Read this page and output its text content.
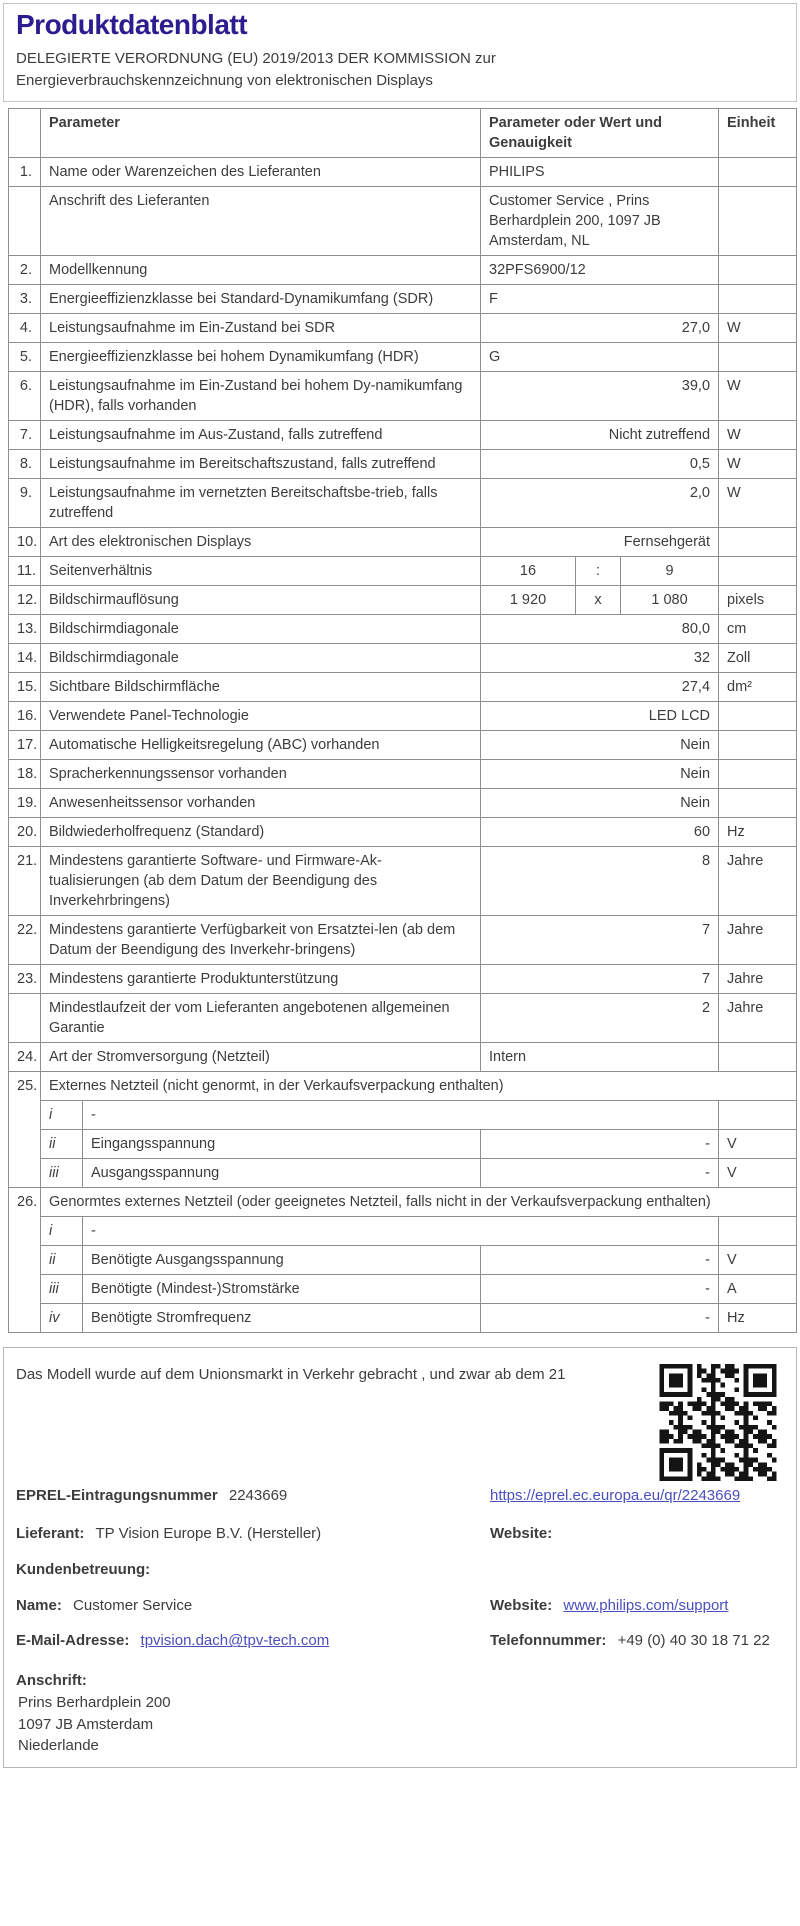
Produktdatenblatt
DELEGIERTE VERORDNUNG (EU) 2019/2013 DER KOMMISSION zur
Energieverbrauchskennzeichnung von elektronischen Displays
	Parameter		Parameter oder Wert und Genauigkeit			Einheit
1.	Name oder Warenzeichen des Lieferanten		PHILIPS			
	Anschrift des Lieferanten		Customer Service , Prins Berhardplein 200, 1097 JB Amsterdam, NL			
2.	Modellkennung		32PFS6900/12			
3.	Energieeffizienzklasse bei Standard-Dynamikumfang (SDR)		F			
4.	Leistungsaufnahme im Ein-Zustand bei SDR		27,0			W
5.	Energieeffizienzklasse bei hohem Dynamikumfang (HDR)		G			
6.	Leistungsaufnahme im Ein-Zustand bei hohem Dy-namikumfang (HDR), falls vorhanden		39,0			W
7.	Leistungsaufnahme im Aus-Zustand, falls zutreffend		Nicht zutreffend			W
8.	Leistungsaufnahme im Bereitschaftszustand, falls zutreffend		0,5			W
9.	Leistungsaufnahme im vernetzten Bereitschaftsbe-trieb, falls zutreffend		2,0			W
10.	Art des elektronischen Displays		Fernsehgerät			
11.	Seitenverhältnis		16	:	9	
12.	Bildschirmauflösung		1 920	x	1 080	pixels
13.	Bildschirmdiagonale		80,0			cm
14.	Bildschirmdiagonale		32			Zoll
15.	Sichtbare Bildschirmfläche		27,4			dm²
16.	Verwendete Panel-Technologie		LED LCD			
17.	Automatische Helligkeitsregelung (ABC) vorhanden		Nein			
18.	Spracherkennungssensor vorhanden		Nein			
19.	Anwesenheitssensor vorhanden		Nein			
20.	Bildwiederholfrequenz (Standard)		60			Hz
21.	Mindestens garantierte Software- und Firmware-Ak-tualisierungen (ab dem Datum der Beendigung des Inverkehrbringens)		8			Jahre
22.	Mindestens garantierte Verfügbarkeit von Ersatztei-len (ab dem Datum der Beendigung des Inverkehr-bringens)		7			Jahre
23.	Mindestens garantierte Produktunterstützung		7			Jahre
	Mindestlaufzeit der vom Lieferanten angebotenen allgemeinen Garantie		2			Jahre
24.	Art der Stromversorgung (Netzteil)		Intern			
25.	Externes Netzteil (nicht genormt, in der Verkaufsverpackung enthalten)					
	i	-				
	ii	Eingangsspannung	-			V
	iii	Ausgangsspannung	-			V
26.	Genormtes externes Netzteil (oder geeignetes Netzteil, falls nicht in der Verkaufsverpackung enthalten)					
	i	-				
	ii	Benötigte Ausgangsspannung	-			V
	iii	Benötigte (Mindest-)Stromstärke	-			A
	iv	Benötigte Stromfrequenz	-			Hz
Das Modell wurde auf dem Unionsmarkt in Verkehr gebracht , und zwar ab dem 21
EPREL-Eintragungsnummer 2243669	https://eprel.ec.europa.eu/qr/2243669
Lieferant: TP Vision Europe B.V. (Hersteller)	Website:
Kundenbetreuung:
Name: Customer Service	Website: www.philips.com/support
E-Mail-Adresse: tpvision.dach@tpv-tech.com	Telefonnummer: +49 (0) 40 30 18 71 22
Anschrift:
Prins Berhardplein 200
1097 JB Amsterdam
Niederlande
